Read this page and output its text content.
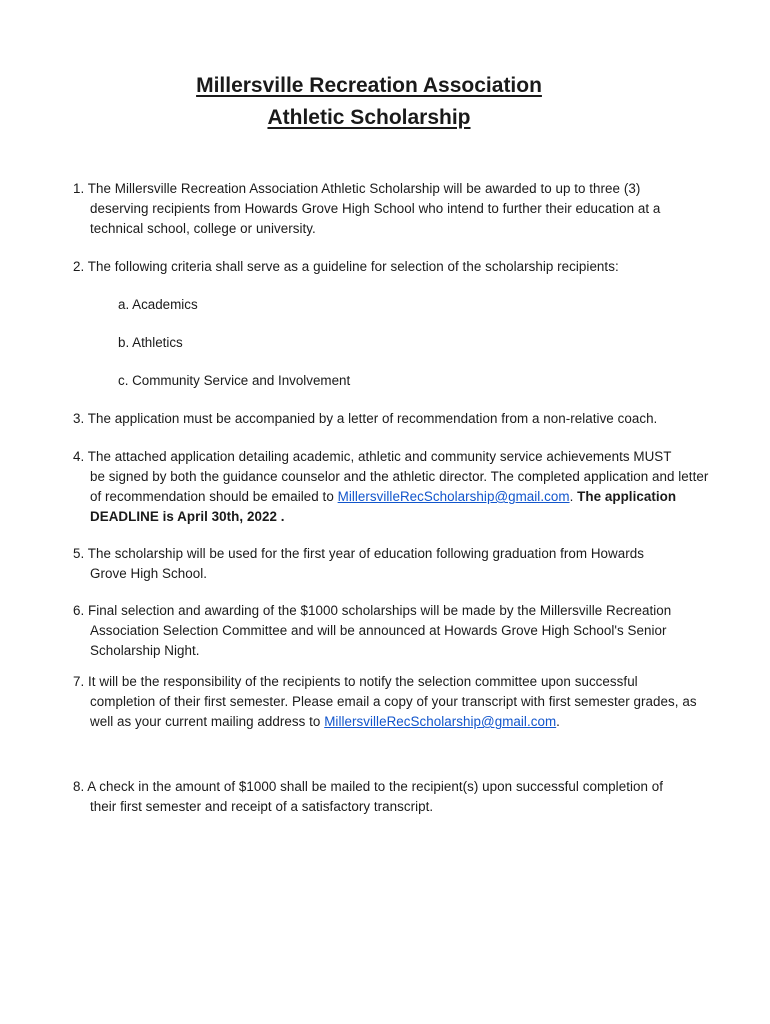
Millersville Recreation Association
Athletic Scholarship
1. The Millersville Recreation Association Athletic Scholarship will be awarded to up to three (3)
deserving recipients from Howards Grove High School who intend to further their education at a technical school, college or university.
2. The following criteria shall serve as a guideline for selection of the scholarship recipients:
a. Academics
b. Athletics
c. Community Service and Involvement
3. The application must be accompanied by a letter of recommendation from a non-relative coach.
4. The attached application detailing academic, athletic and community service achievements MUST
be signed by both the guidance counselor and the athletic director. The completed application and letter of recommendation should be emailed to MillersvilleRecScholarship@gmail.com. The application DEADLINE is April 30th, 2022 .
5. The scholarship will be used for the first year of education following graduation from Howards
Grove High School.
6. Final selection and awarding of the $1000 scholarships will be made by the Millersville Recreation
Association Selection Committee and will be announced at Howards Grove High School's Senior Scholarship Night.
7. It will be the responsibility of the recipients to notify the selection committee upon successful
completion of their first semester. Please email a copy of your transcript with first semester grades, as well as your current mailing address to MillersvilleRecScholarship@gmail.com.
8. A check in the amount of $1000 shall be mailed to the recipient(s) upon successful completion of
their first semester and receipt of a satisfactory transcript.
